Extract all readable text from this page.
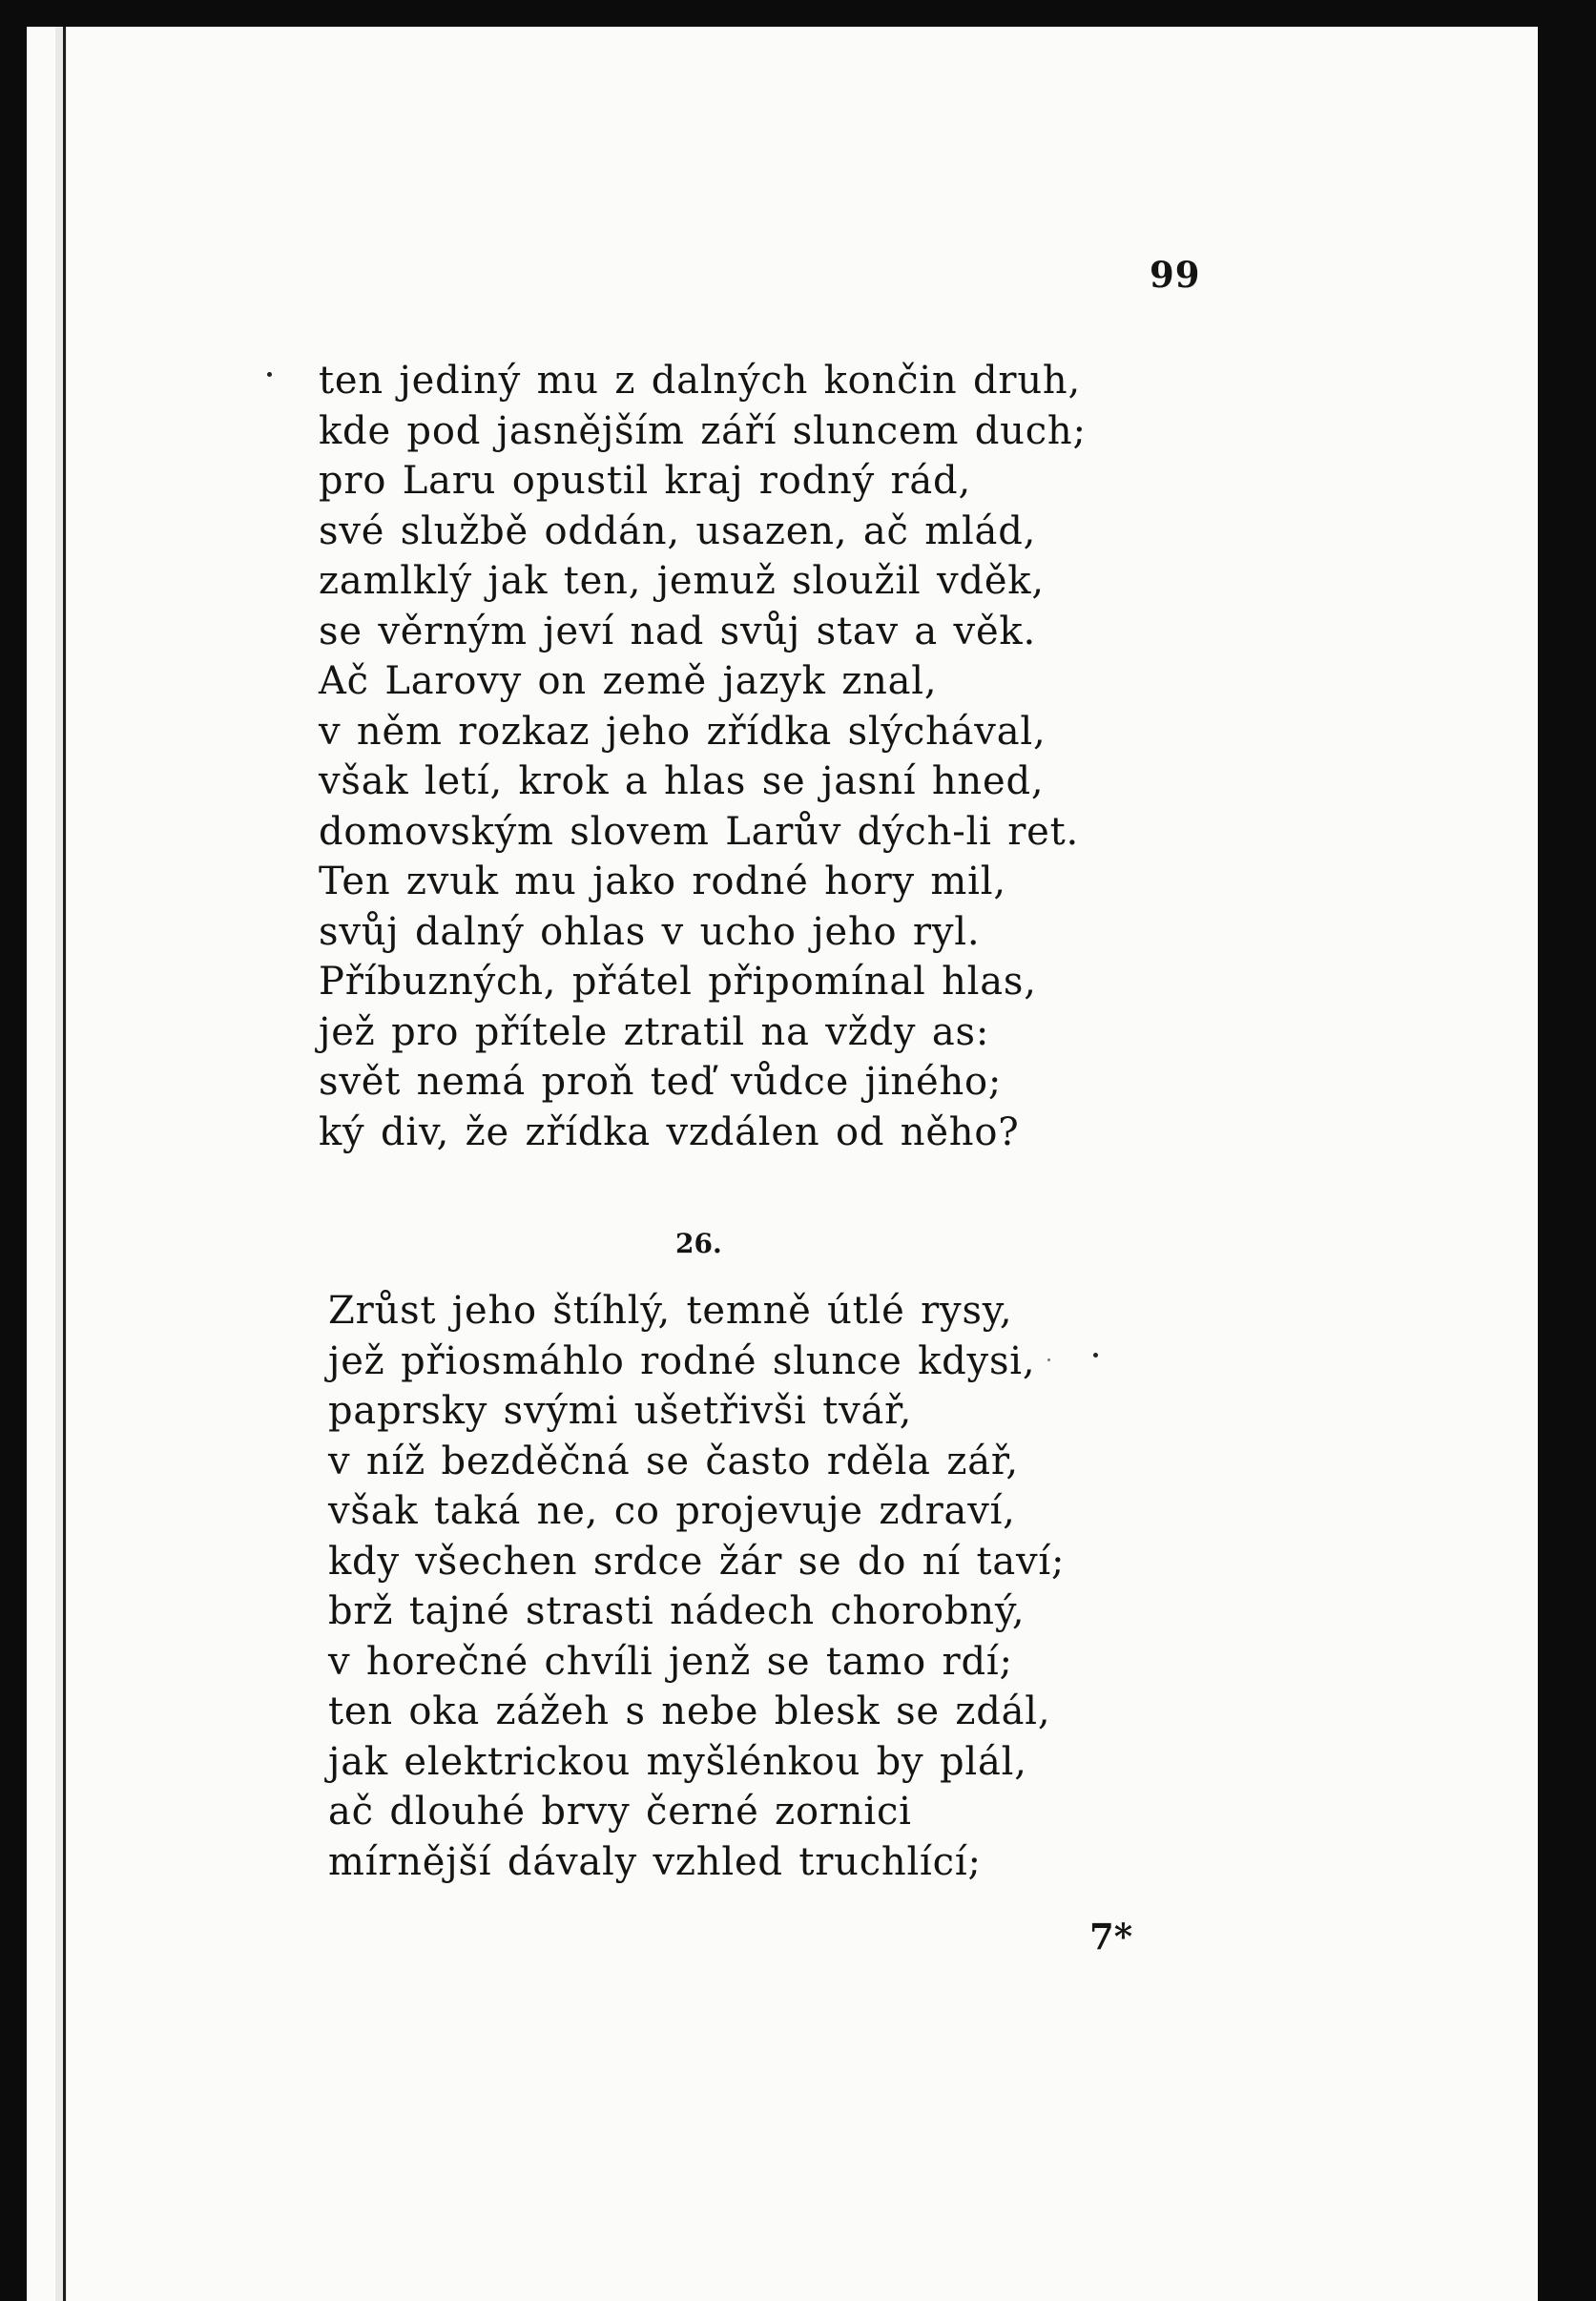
99
ten jediný mu z dalných končin druh,
kde pod jasnějším září sluncem duch;
pro Laru opustil kraj rodný rád,
své službě oddán, usazen, ač mlád,
zamlklý jak ten, jemuž sloužil vděk,
se věrným jeví nad svůj stav a věk.
Ač Larovy on země jazyk znal,
v něm rozkaz jeho zřídka slýchával,
však letí, krok a hlas se jasní hned,
domovským slovem Larův dých-li ret.
Ten zvuk mu jako rodné hory mil,
svůj dalný ohlas v ucho jeho ryl.
Příbuzných, přátel připomínal hlas,
jež pro přítele ztratil na vždy as:
svět nemá proň teď vůdce jiného;
ký div, že zřídka vzdálen od něho?
26.
Zrůst jeho štíhlý, temně útlé rysy,
jež přiosmáhlo rodné slunce kdysi,
paprsky svými ušetřivši tvář,
v níž bezděčná se často rděla zář,
však taká ne, co projevuje zdraví,
kdy všechen srdce žár se do ní taví;
brž tajné strasti nádech chorobný,
v horečné chvíli jenž se tamo rdí;
ten oka zážeh s nebe blesk se zdál,
jak elektrickou myšlénkou by plál,
ač dlouhé brvy černé zornici
mírnější dávaly vzhled truchlící;
7*
